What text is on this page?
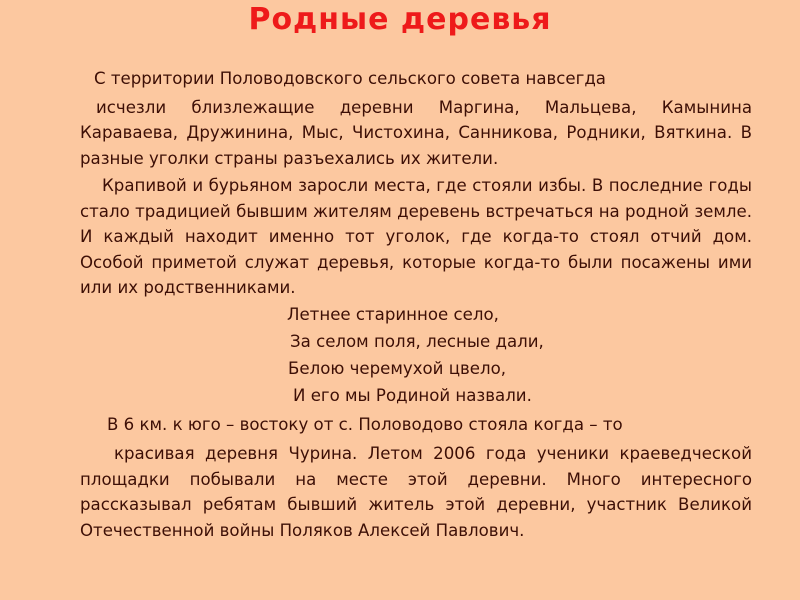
Родные деревья
С территории Половодовского сельского совета навсегда

исчезли близлежащие деревни Маргина, Мальцева, Камынина Караваева, Дружинина, Мыс, Чистохина, Санникова, Родники, Вяткина. В разные уголки страны разъехались их жители.

Крапивой и бурьяном заросли места, где стояли избы. В последние годы стало традицией бывшим жителям деревень встречаться на родной земле. И каждый находит именно тот уголок, где когда-то стоял отчий дом. Особой приметой служат деревья, которые когда-то были посажены ими или их родственниками.

Летнее старинное село,
За селом поля, лесные дали,
Белою черемухой цвело,
И его мы Родиной назвали.
В 6 км. к юго – востоку от с. Половодово стояла когда – то

красивая деревня Чурина. Летом 2006 года ученики краеведческой площадки побывали на месте этой деревни. Много интересного рассказывал ребятам бывший житель этой деревни, участник Великой Отечественной войны Поляков Алексей Павлович.
